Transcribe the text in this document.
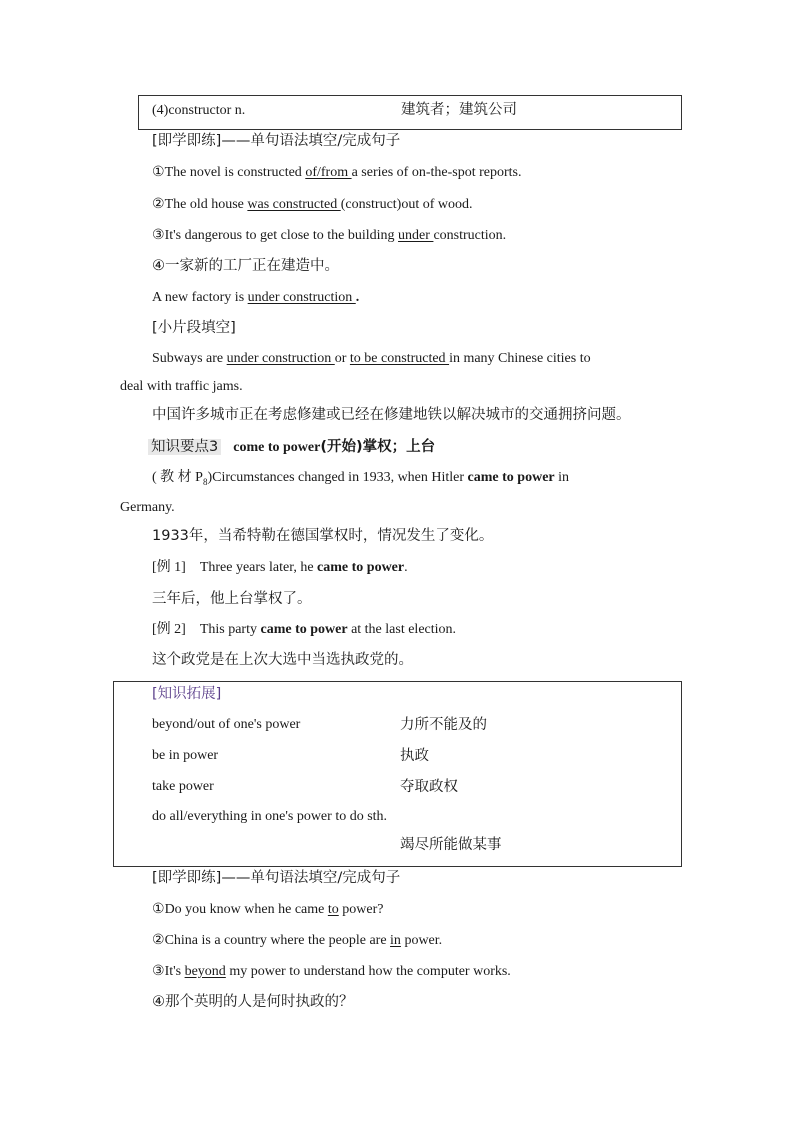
(4)constructor n.	建筑者；建筑公司
[即学即练]——单句语法填空/完成句子
①The novel is constructed of/from a series of on-the-spot reports.
②The old house was constructed (construct)out of wood.
③It's dangerous to get close to the building under construction.
④一家新的工厂正在建造中。
A new factory is under construction .
[小片段填空]
Subways are under construction or to be constructed in many Chinese cities to
deal with traffic jams.
中国许多城市正在考虑修建或已经在修建地铁以解决城市的交通拥挤问题。
知识要点3 come to power(开始)掌权；上台
( 教 材 $P_8)Circumstances$ changed in 1933, when Hitler came to power in
Germany.
1933年，当希特勒在德国掌权时，情况发生了变化。
[例 1] Three years later, he came to power.
三年后，他上台掌权了。
[例 2] This party came to power at the last election.
这个政党是在上次大选中当选执政党的。
[知识拓展]
beyond/out of one's power	力所不能及的
be in power	执政
take power	夺取政权
do all/everything in one's power to do sth.
竭尽所能做某事
[即学即练]——单句语法填空/完成句子
①Do you know when he came to power?
②China is a country where the people are in power.
③It's beyond my power to understand how the computer works.
④那个英明的人是何时执政的？
